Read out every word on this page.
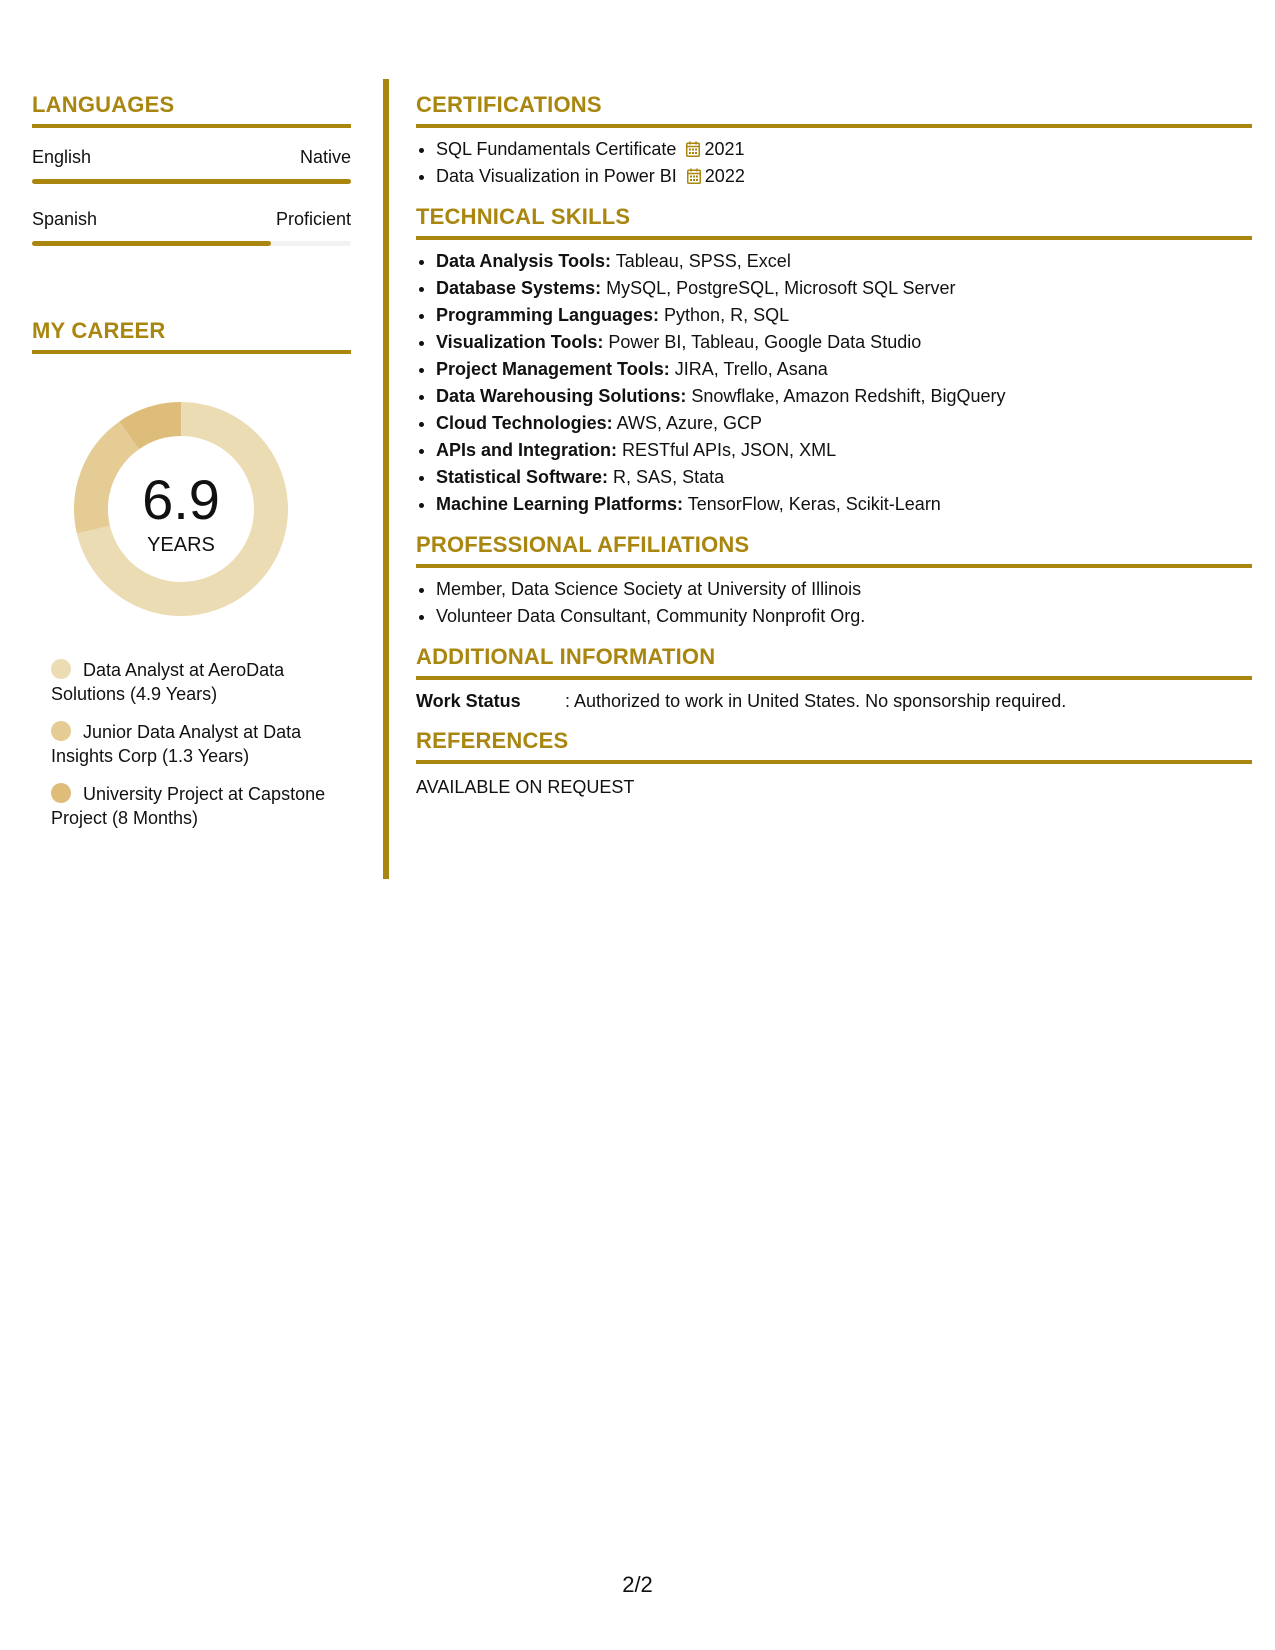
LANGUAGES
English	Native
Spanish	Proficient
MY CAREER
6.9
YEARS
Data Analyst at AeroData Solutions (4.9 Years)
Junior Data Analyst at Data Insights Corp (1.3 Years)
University Project at Capstone Project (8 Months)
CERTIFICATIONS
• SQL Fundamentals Certificate 2021
• Data Visualization in Power BI 2022
TECHNICAL SKILLS
• Data Analysis Tools: Tableau, SPSS, Excel
• Database Systems: MySQL, PostgreSQL, Microsoft SQL Server
• Programming Languages: Python, R, SQL
• Visualization Tools: Power BI, Tableau, Google Data Studio
• Project Management Tools: JIRA, Trello, Asana
• Data Warehousing Solutions: Snowflake, Amazon Redshift, BigQuery
• Cloud Technologies: AWS, Azure, GCP
• APIs and Integration: RESTful APIs, JSON, XML
• Statistical Software: R, SAS, Stata
• Machine Learning Platforms: TensorFlow, Keras, Scikit-Learn
PROFESSIONAL AFFILIATIONS
• Member, Data Science Society at University of Illinois
• Volunteer Data Consultant, Community Nonprofit Org.
ADDITIONAL INFORMATION
Work Status	: Authorized to work in United States. No sponsorship required.
REFERENCES
AVAILABLE ON REQUEST
2/2
